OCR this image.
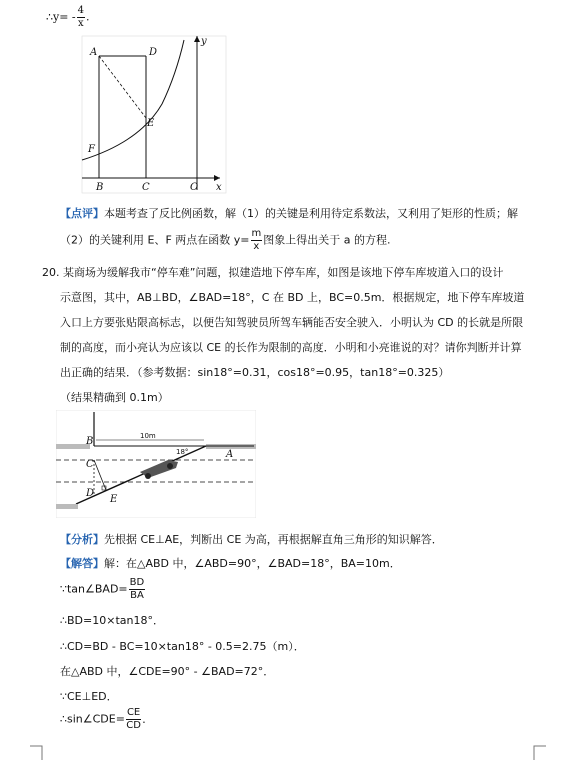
∴y= - $\frac{4}{x}$ .
A	D
E
F
B	C	O x
y
【点评】本题考查了反比例函数，解（1）的关键是利用待定系数法，又利用了矩形的性质；解
（2）的关键利用 E、F 两点在函数 $y= \frac{m}{x}$ 图象上得出关于 a 的方程.
20. 某商场为缓解我市“停车难”问题，拟建造地下停车库，如图是该地下停车库坡道入口的设计
示意图，其中，AB⊥BD，∠BAD=18°，C 在 BD 上，BC=0.5m．根据规定，地下停车库坡道
入口上方要张贴限高标志，以便告知驾驶员所驾车辆能否安全驶入．小明认为 CD 的长就是所限
制的高度，而小亮认为应该以 CE 的长作为限制的高度．小明和小亮谁说的对？请你判断并计算
出正确的结果．（参考数据：sin18°=0.31，cos18°=0.95，tan18°=0.325）
（结果精确到 0.1m）
10m
18°
B
C
D
E
A
【分析】先根据 CE⊥AE，判断出 CE 为高，再根据解直角三角形的知识解答．
【解答】解：在△ABD 中，∠ABD=90°，∠BAD=18°，BA=10m．
∵tan∠BAD= $\frac{BD}{BA}$
∴BD=10×tan18°．
∴CD=BD - BC=10×tan18° - 0.5=2.75（m）．
在△ABD 中，∠CDE=90° - ∠BAD=72°．
∵CE⊥ED．
∴sin∠CDE= $\frac{CE}{CD}$ ．
